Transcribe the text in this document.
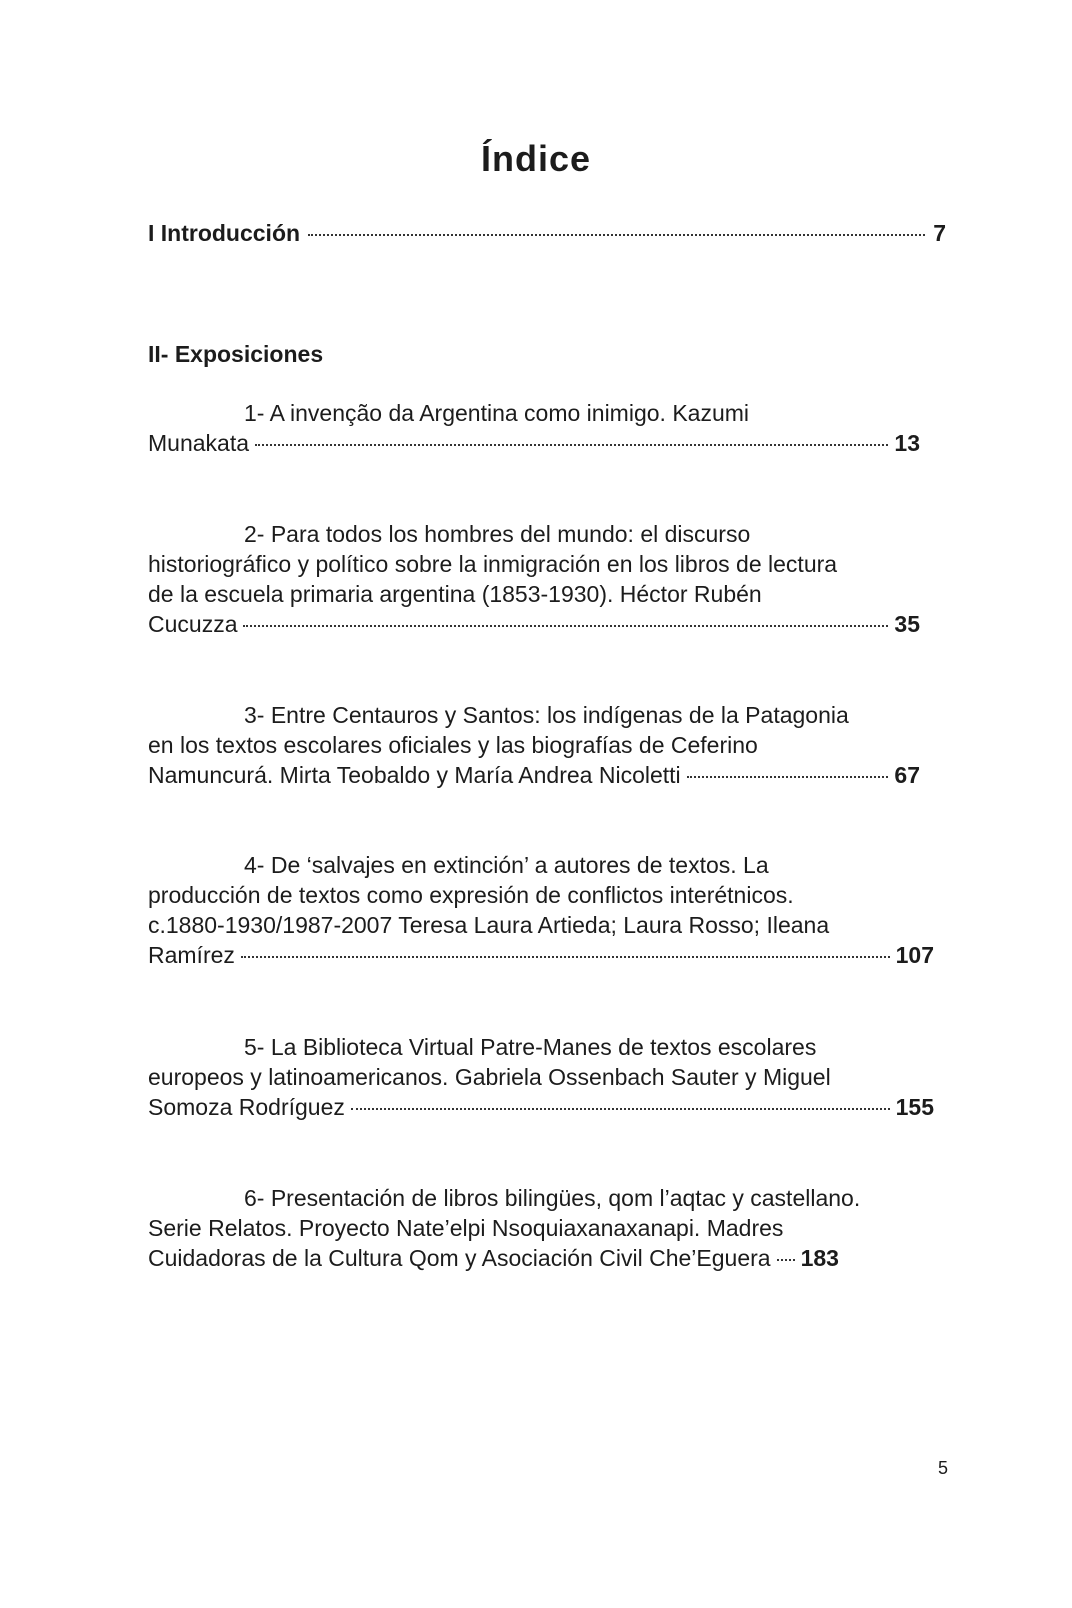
Índice
I Introducción	7
II- Exposiciones
1- A invenção da Argentina como inimigo. Kazumi
Munakata	13
2- Para todos los hombres del mundo: el discurso
historiográfico y político sobre la inmigración en los libros de lectura
de la escuela primaria argentina (1853-1930). Héctor Rubén
Cucuzza	35
3- Entre Centauros y Santos: los indígenas de la Patagonia
en los textos escolares oficiales y las biografías de Ceferino
Namuncurá. Mirta Teobaldo y María Andrea Nicoletti	67
4- De ‘salvajes en extinción’ a autores de textos. La
producción de textos como expresión de conflictos interétnicos.
c.1880-1930/1987-2007 Teresa Laura Artieda; Laura Rosso; Ileana
Ramírez	107
5- La Biblioteca Virtual Patre-Manes de textos escolares
europeos y latinoamericanos. Gabriela Ossenbach Sauter y Miguel
Somoza Rodríguez	155
6- Presentación de libros bilingües, qom l’aqtac y castellano.
Serie Relatos. Proyecto Nate’elpi Nsoquiaxanaxanapi. Madres
Cuidadoras de la Cultura Qom y Asociación Civil Che’Eguera 183
5
